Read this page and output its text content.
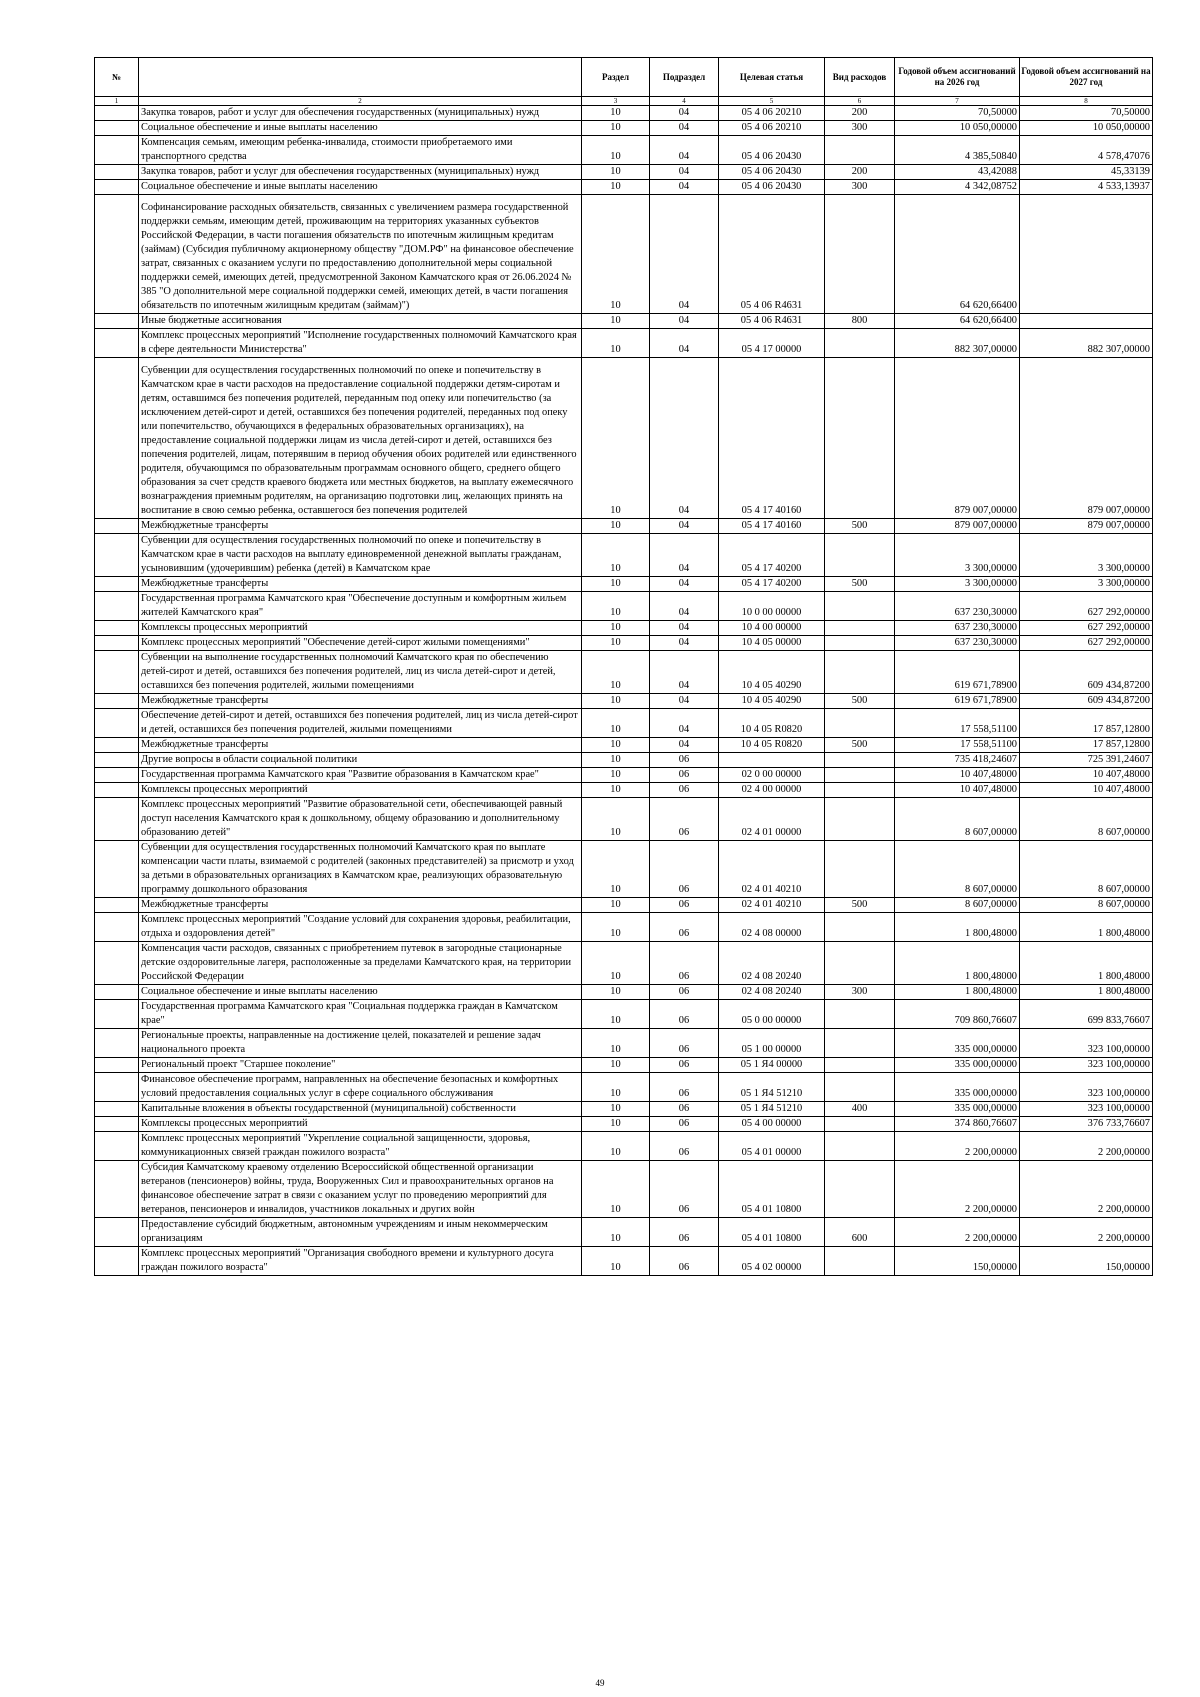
№		Раздел	Подраздел	Целевая статья	Вид расходов	Годовой объем ассигнований на 2026 год	Годовой объем ассигнований на 2027 год
1	2	3	4	5	6	7	8
	Закупка товаров, работ и услуг для обеспечения государственных (муниципальных) нужд	10	04	05 4 06 20210	200	70,50000	70,50000
	Социальное обеспечение и иные выплаты населению	10	04	05 4 06 20210	300	10 050,00000	10 050,00000
	Компенсация семьям, имеющим ребенка-инвалида, стоимости приобретаемого ими транспортного средства	10	04	05 4 06 20430		4 385,50840	4 578,47076
	Закупка товаров, работ и услуг для обеспечения государственных (муниципальных) нужд	10	04	05 4 06 20430	200	43,42088	45,33139
	Социальное обеспечение и иные выплаты населению	10	04	05 4 06 20430	300	4 342,08752	4 533,13937
	Софинансирование расходных обязательств, связанных с увеличением размера государственной поддержки семьям, имеющим детей, проживающим на территориях указанных субъектов Российской Федерации, в части погашения обязательств по ипотечным жилищным кредитам (займам) (Субсидия публичному акционерному обществу "ДОМ.РФ" на финансовое обеспечение затрат, связанных с оказанием услуги по предоставлению дополнительной меры социальной поддержки семей, имеющих детей, предусмотренной Законом Камчатского края от 26.06.2024 № 385 "О дополнительной мере социальной поддержки семей, имеющих детей, в части погашения обязательств по ипотечным жилищным кредитам (займам)")	10	04	05 4 06 R4631		64 620,66400	
	Иные бюджетные ассигнования	10	04	05 4 06 R4631	800	64 620,66400	
	Комплекс процессных мероприятий "Исполнение государственных полномочий Камчатского края в сфере деятельности Министерства"	10	04	05 4 17 00000		882 307,00000	882 307,00000
	Субвенции для осуществления государственных полномочий по опеке и попечительству в Камчатском крае в части расходов на предоставление социальной поддержки детям-сиротам и детям, оставшимся без попечения родителей, переданным под опеку или попечительство (за исключением детей-сирот и детей, оставшихся без попечения родителей, переданных под опеку или попечительство, обучающихся в федеральных образовательных организациях), на предоставление социальной поддержки лицам из числа детей-сирот и детей, оставшихся без попечения родителей, лицам, потерявшим в период обучения обоих родителей или единственного родителя, обучающимся по образовательным программам основного общего, среднего общего образования за счет средств краевого бюджета или местных бюджетов, на выплату ежемесячного вознаграждения приемным родителям, на организацию подготовки лиц, желающих принять на воспитание в свою семью ребенка, оставшегося без попечения родителей	10	04	05 4 17 40160		879 007,00000	879 007,00000
	Межбюджетные трансферты	10	04	05 4 17 40160	500	879 007,00000	879 007,00000
	Субвенции для осуществления государственных полномочий по опеке и попечительству в Камчатском крае в части расходов на выплату единовременной денежной выплаты гражданам, усыновившим (удочерившим) ребенка (детей) в Камчатском крае	10	04	05 4 17 40200		3 300,00000	3 300,00000
	Межбюджетные трансферты	10	04	05 4 17 40200	500	3 300,00000	3 300,00000
	Государственная программа Камчатского края "Обеспечение доступным и комфортным жильем жителей Камчатского края"	10	04	10 0 00 00000		637 230,30000	627 292,00000
	Комплексы процессных мероприятий	10	04	10 4 00 00000		637 230,30000	627 292,00000
	Комплекс процессных мероприятий "Обеспечение детей-сирот жилыми помещениями"	10	04	10 4 05 00000		637 230,30000	627 292,00000
	Субвенции на выполнение государственных полномочий Камчатского края по обеспечению детей-сирот и детей, оставшихся без попечения родителей, лиц из числа детей-сирот и детей, оставшихся без попечения родителей, жилыми помещениями	10	04	10 4 05 40290		619 671,78900	609 434,87200
	Межбюджетные трансферты	10	04	10 4 05 40290	500	619 671,78900	609 434,87200
	Обеспечение детей-сирот и детей, оставшихся без попечения родителей, лиц из числа детей-сирот и детей, оставшихся без попечения родителей, жилыми помещениями	10	04	10 4 05 R0820		17 558,51100	17 857,12800
	Межбюджетные трансферты	10	04	10 4 05 R0820	500	17 558,51100	17 857,12800
	Другие вопросы в области социальной политики	10	06			735 418,24607	725 391,24607
	Государственная программа Камчатского края "Развитие образования в Камчатском крае"	10	06	02 0 00 00000		10 407,48000	10 407,48000
	Комплексы процессных мероприятий	10	06	02 4 00 00000		10 407,48000	10 407,48000
	Комплекс процессных мероприятий "Развитие образовательной сети, обеспечивающей равный доступ населения Камчатского края к дошкольному, общему образованию и дополнительному образованию детей"	10	06	02 4 01 00000		8 607,00000	8 607,00000
	Субвенции для осуществления государственных полномочий Камчатского края по выплате компенсации части платы, взимаемой с родителей (законных представителей) за присмотр и уход за детьми в образовательных организациях в Камчатском крае, реализующих образовательную программу дошкольного образования	10	06	02 4 01 40210		8 607,00000	8 607,00000
	Межбюджетные трансферты	10	06	02 4 01 40210	500	8 607,00000	8 607,00000
	Комплекс процессных мероприятий "Создание условий для сохранения здоровья, реабилитации, отдыха и оздоровления детей"	10	06	02 4 08 00000		1 800,48000	1 800,48000
	Компенсация части расходов, связанных с приобретением путевок в загородные стационарные детские оздоровительные лагеря, расположенные за пределами Камчатского края, на территории Российской Федерации	10	06	02 4 08 20240		1 800,48000	1 800,48000
	Социальное обеспечение и иные выплаты населению	10	06	02 4 08 20240	300	1 800,48000	1 800,48000
	Государственная программа Камчатского края "Социальная поддержка граждан в Камчатском крае"	10	06	05 0 00 00000		709 860,76607	699 833,76607
	Региональные проекты, направленные на достижение целей, показателей и решение задач национального проекта	10	06	05 1 00 00000		335 000,00000	323 100,00000
	Региональный проект "Старшее поколение"	10	06	05 1 Я4 00000		335 000,00000	323 100,00000
	Финансовое обеспечение программ, направленных на обеспечение безопасных и комфортных условий предоставления социальных услуг в сфере социального обслуживания	10	06	05 1 Я4 51210		335 000,00000	323 100,00000
	Капитальные вложения в объекты государственной (муниципальной) собственности	10	06	05 1 Я4 51210	400	335 000,00000	323 100,00000
	Комплексы процессных мероприятий	10	06	05 4 00 00000		374 860,76607	376 733,76607
	Комплекс процессных мероприятий "Укрепление социальной защищенности, здоровья, коммуникационных связей граждан пожилого возраста"	10	06	05 4 01 00000		2 200,00000	2 200,00000
	Субсидия Камчатскому краевому отделению Всероссийской общественной организации ветеранов (пенсионеров) войны, труда, Вооруженных Сил и правоохранительных органов на финансовое обеспечение затрат в связи с оказанием услуг по проведению мероприятий для ветеранов, пенсионеров и инвалидов, участников локальных и других войн	10	06	05 4 01 10800		2 200,00000	2 200,00000
	Предоставление субсидий бюджетным, автономным учреждениям и иным некоммерческим организациям	10	06	05 4 01 10800	600	2 200,00000	2 200,00000
	Комплекс процессных мероприятий "Организация свободного времени и культурного досуга граждан пожилого возраста"	10	06	05 4 02 00000		150,00000	150,00000
49
